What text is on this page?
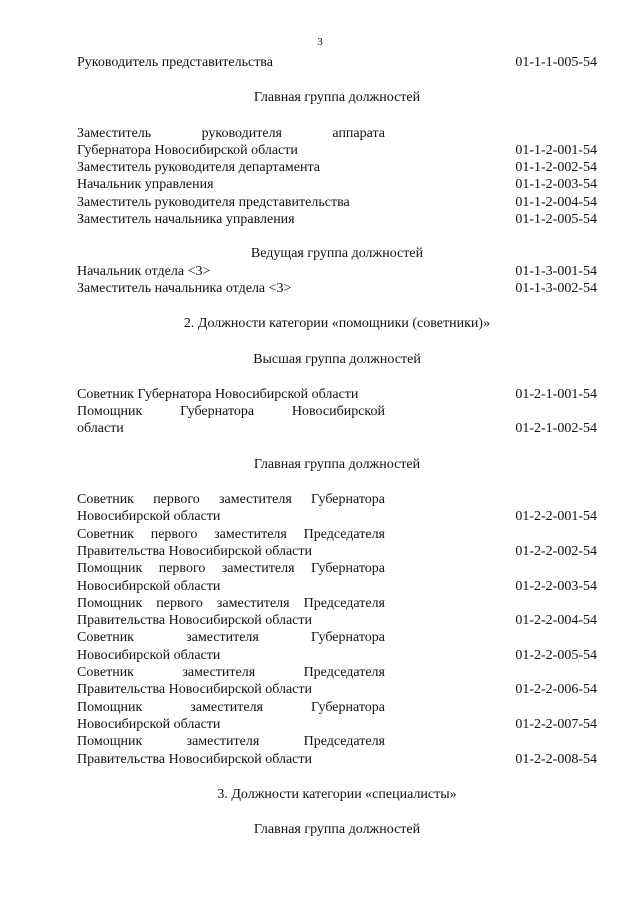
3
Руководитель представительства	01-1-1-005-54
Главная группа должностей
Заместитель руководителя аппарата
Губернатора Новосибирской области	01-1-2-001-54
Заместитель руководителя департамента	01-1-2-002-54
Начальник управления	01-1-2-003-54
Заместитель руководителя представительства	01-1-2-004-54
Заместитель начальника управления	01-1-2-005-54
Ведущая группа должностей
Начальник отдела <3>	01-1-3-001-54
Заместитель начальника отдела <3>	01-1-3-002-54
2. Должности категории «помощники (советники)»
Высшая группа должностей
Советник Губернатора Новосибирской области	01-2-1-001-54
Помощник Губернатора Новосибирской
области	01-2-1-002-54
Главная группа должностей
Советник первого заместителя Губернатора
Новосибирской области	01-2-2-001-54
Советник первого заместителя Председателя
Правительства Новосибирской области	01-2-2-002-54
Помощник первого заместителя Губернатора
Новосибирской области	01-2-2-003-54
Помощник первого заместителя Председателя
Правительства Новосибирской области	01-2-2-004-54
Советник заместителя Губернатора
Новосибирской области	01-2-2-005-54
Советник заместителя Председателя
Правительства Новосибирской области	01-2-2-006-54
Помощник заместителя Губернатора
Новосибирской области	01-2-2-007-54
Помощник заместителя Председателя
Правительства Новосибирской области	01-2-2-008-54
3. Должности категории «специалисты»
Главная группа должностей
